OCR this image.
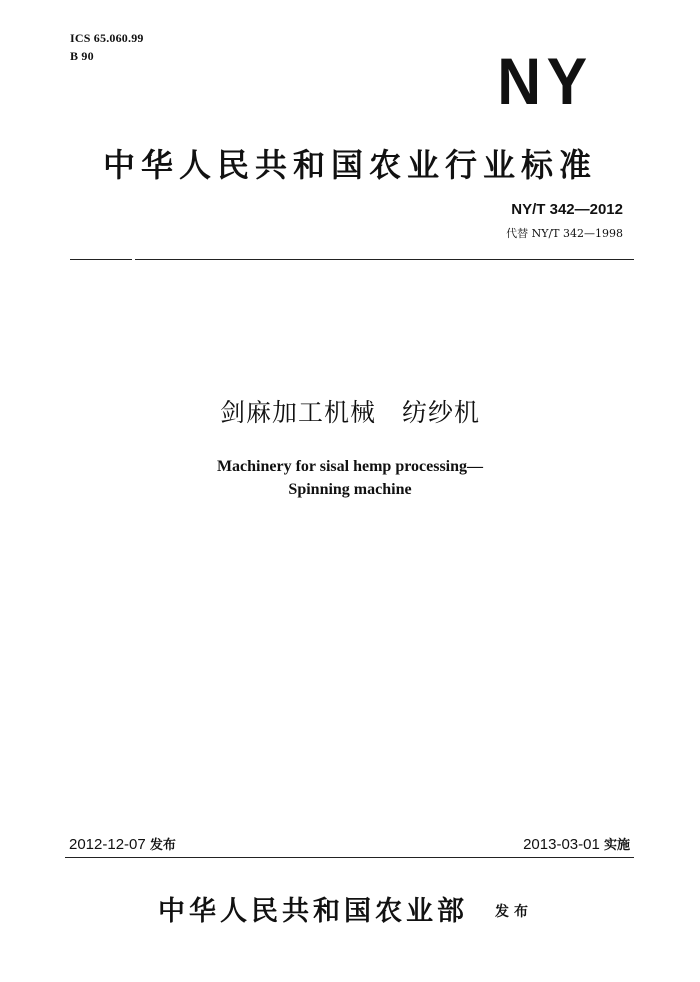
ICS 65.060.99
B 90	NY
中华人民共和国农业行业标准
NY/T 342—2012
代替 NY/T 342—1998
剑麻加工机械　纺纱机
Machinery for sisal hemp processing—
Spinning machine
2012-12-07 发布	2013-03-01 实施
中华人民共和国农业部 发布
